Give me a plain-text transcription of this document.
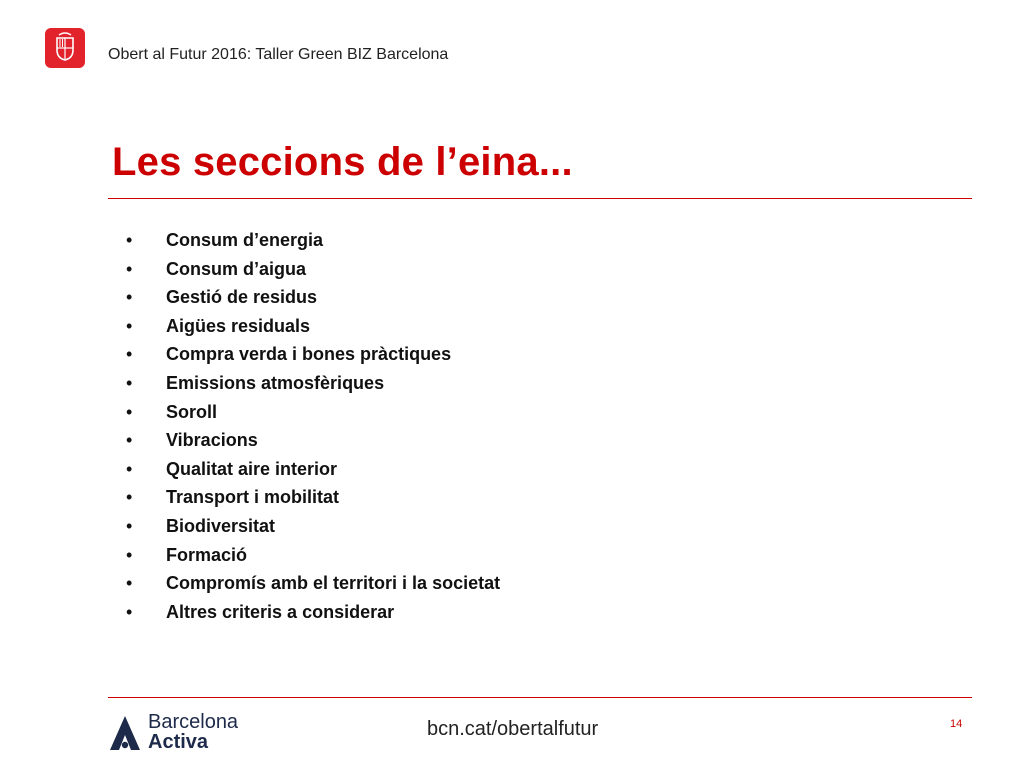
Obert al Futur 2016: Taller Green BIZ Barcelona
Les seccions de l’eina...
• Consum d’energia
• Consum d’aigua
• Gestió de residus
• Aigües residuals
• Compra verda i bones pràctiques
• Emissions atmosfèriques
• Soroll
• Vibracions
• Qualitat aire interior
• Transport i mobilitat
• Biodiversitat
• Formació
• Compromís amb el territori i la societat
• Altres criteris a considerar
Barcelona
Activa
bcn.cat/obertalfutur	14
